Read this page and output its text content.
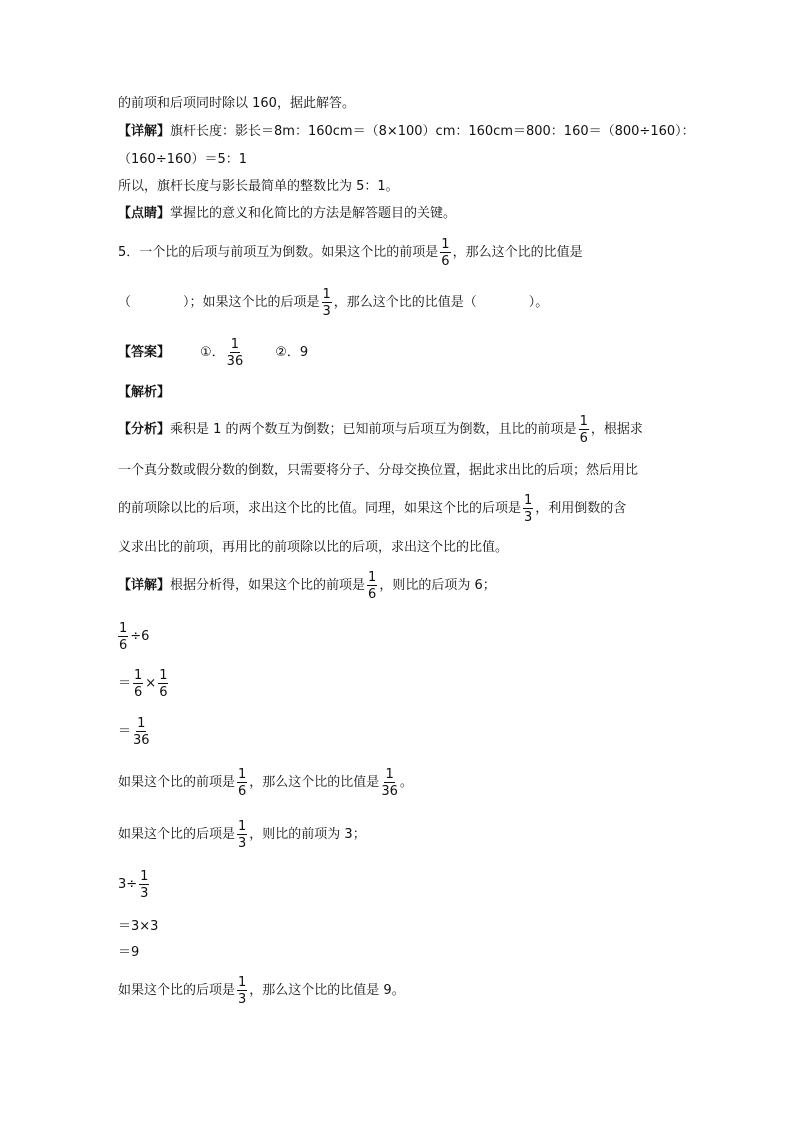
的前项和后项同时除以 160，据此解答。
【详解】旗杆长度：影长＝8m：160cm＝（8×100）cm：160cm＝800：160＝（800÷160）：
（160÷160）＝5：1
所以，旗杆长度与影长最简单的整数比为 5：1。
【点睛】掌握比的意义和化简比的方法是解答题目的关键。
5．一个比的后项与前项互为倒数。如果这个比的前项是 $\frac{1}{6}$ ，那么这个比的比值是
（　　　　）；如果这个比的后项是 $\frac{1}{3}$ ，那么这个比的比值是（　　　　）。
【答案】 ①． $\frac{1}{36}$ ②．9
【解析】
【分析】乘积是 1 的两个数互为倒数；已知前项与后项互为倒数，且比的前项是 $\frac{1}{6}$ ，根据求
一个真分数或假分数的倒数，只需要将分子、分母交换位置，据此求出比的后项；然后用比
的前项除以比的后项，求出这个比的比值。同理，如果这个比的后项是 $\frac{1}{3}$ ，利用倒数的含
义求出比的前项，再用比的前项除以比的后项，求出这个比的比值。
【详解】根据分析得，如果这个比的前项是 $\frac{1}{6}$ ，则比的后项为 6；
$\frac{1}{6} \div 6$
＝ $\frac{1}{6} \times \frac{1}{6}$
＝ $\frac{1}{36}$
如果这个比的前项是 $\frac{1}{6}$ ，那么这个比的比值是 $\frac{1}{36}$ 。
如果这个比的后项是 $\frac{1}{3}$ ，则比的前项为 3；
$3\div \frac{1}{3}$
＝3×3
＝9
如果这个比的后项是 $\frac{1}{3}$ ，那么这个比的比值是 9。
